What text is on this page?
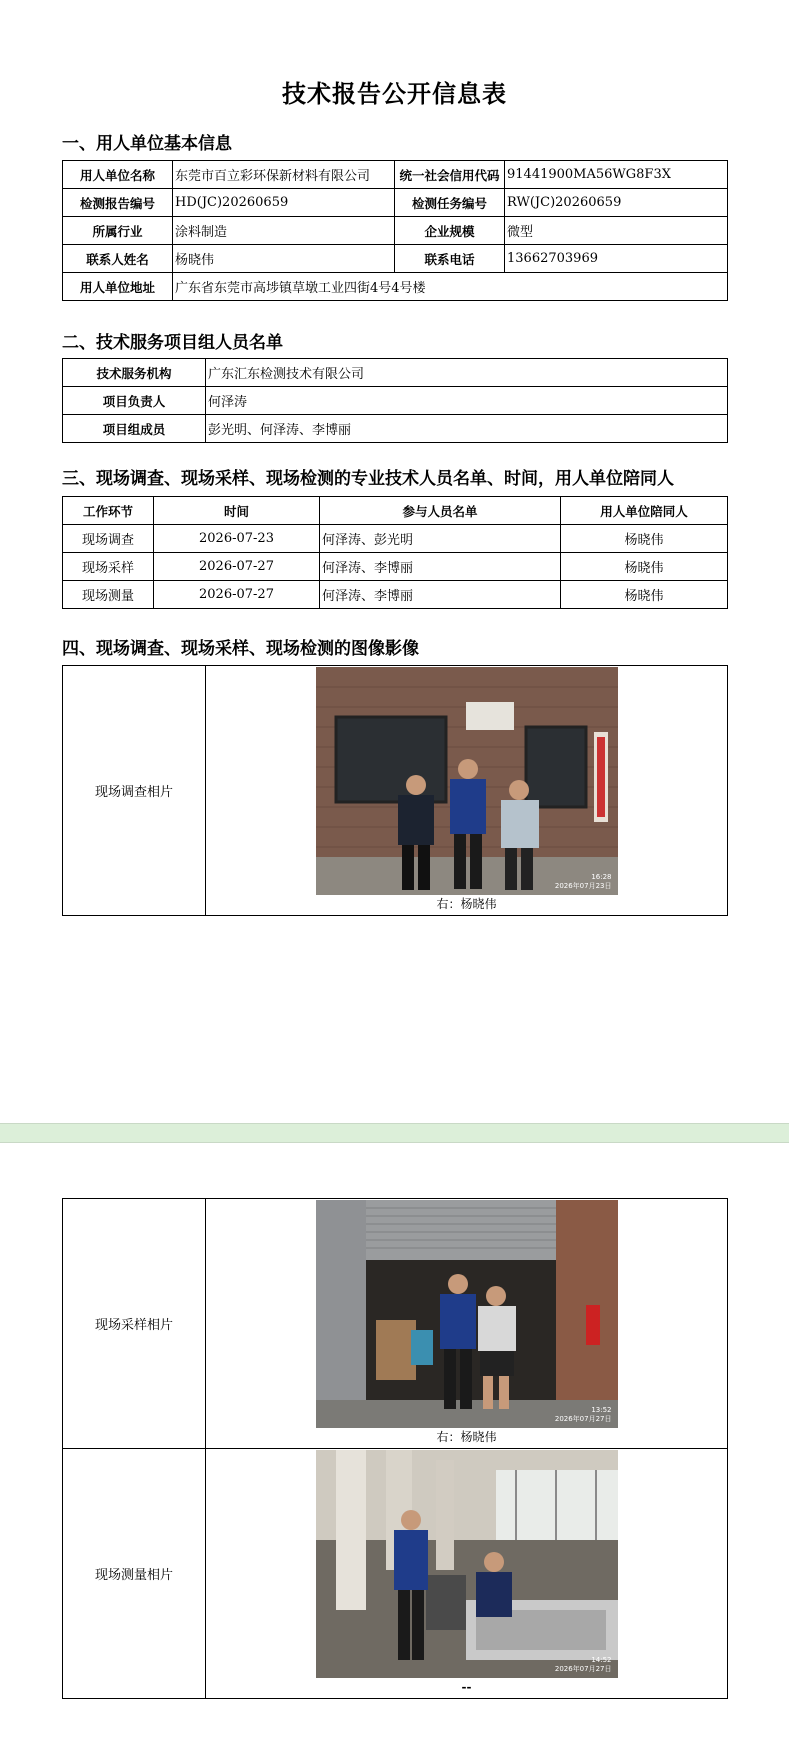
技术报告公开信息表
一、用人单位基本信息
用人单位名称	东莞市百立彩环保新材料有限公司	统一社会信用代码	91441900MA56WG8F3X
检测报告编号	HD(JC)20260659	检测任务编号	RW(JC)20260659
所属行业	涂料制造	企业规模	微型
联系人姓名	杨晓伟	联系电话	13662703969
用人单位地址	广东省东莞市高埗镇草墩工业四街4号4号楼		
二、技术服务项目组人员名单
技术服务机构	广东汇东检测技术有限公司
项目负责人	何泽涛
项目组成员	彭光明、何泽涛、李博丽
三、现场调查、现场采样、现场检测的专业技术人员名单、时间，用人单位陪同人
工作环节	时间	参与人员名单	用人单位陪同人
现场调查	2026-07-23	何泽涛、彭光明	杨晓伟
现场采样	2026-07-27	何泽涛、李博丽	杨晓伟
现场测量	2026-07-27	何泽涛、李博丽	杨晓伟
四、现场调查、现场采样、现场检测的图像影像
现场调查相片	
16:28
2026年07月23日
右：杨晓伟
现场采样相片	13:52
2026年07月27日
右：杨晓伟

现场测量相片	14:52
2026年07月27日
--
